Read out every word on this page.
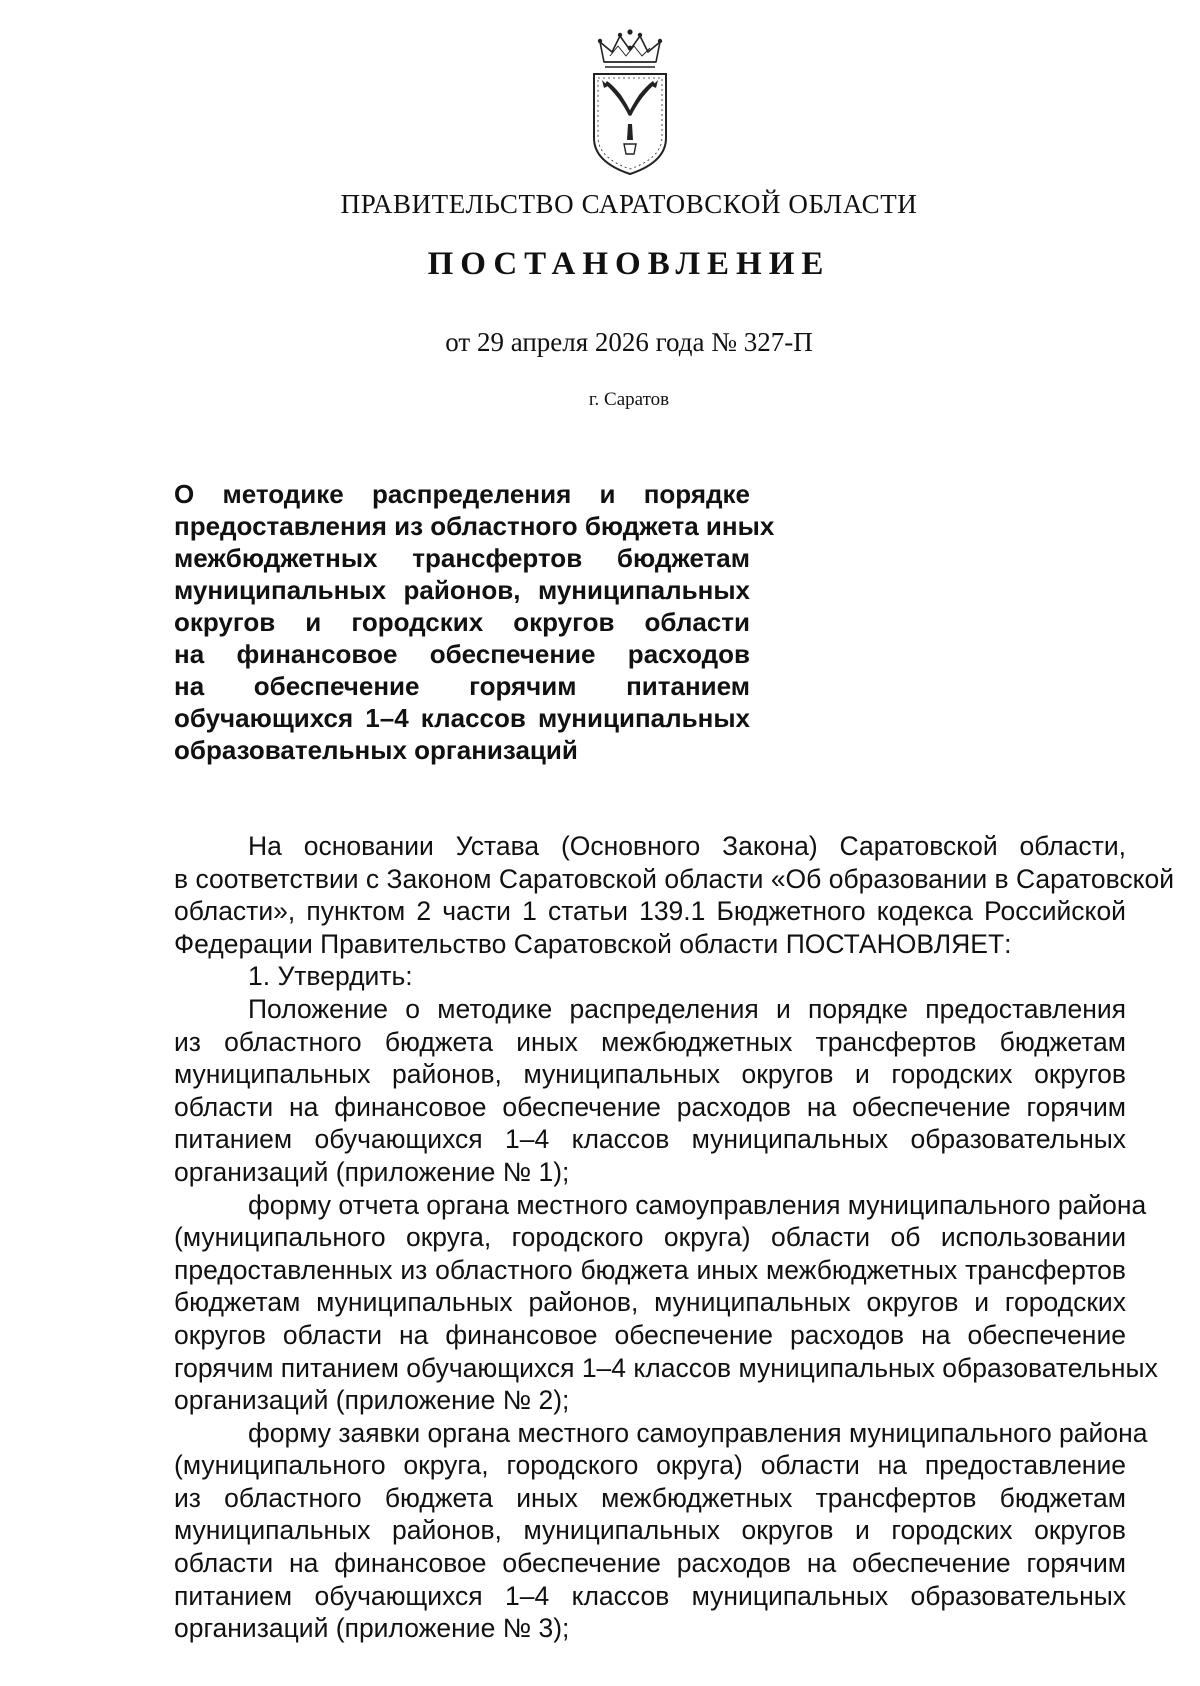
ПРАВИТЕЛЬСТВО САРАТОВСКОЙ ОБЛАСТИ
ПОСТАНОВЛЕНИЕ
от 29 апреля 2026 года № 327-П
г. Саратов
О методике распределения и порядке
предоставления из областного бюджета иных
межбюджетных трансфертов бюджетам
муниципальных районов, муниципальных
округов и городских округов области
на финансовое обеспечение расходов
на обеспечение горячим питанием
обучающихся 1–4 классов муниципальных
образовательных организаций
На основании Устава (Основного Закона) Саратовской области,
в соответствии с Законом Саратовской области «Об образовании в Саратовской
области», пунктом 2 части 1 статьи 139.1 Бюджетного кодекса Российской
Федерации Правительство Саратовской области ПОСТАНОВЛЯЕТ:
1. Утвердить:
Положение о методике распределения и порядке предоставления
из областного бюджета иных межбюджетных трансфертов бюджетам
муниципальных районов, муниципальных округов и городских округов
области на финансовое обеспечение расходов на обеспечение горячим
питанием обучающихся 1–4 классов муниципальных образовательных
организаций (приложение № 1);
форму отчета органа местного самоуправления муниципального района
(муниципального округа, городского округа) области об использовании
предоставленных из областного бюджета иных межбюджетных трансфертов
бюджетам муниципальных районов, муниципальных округов и городских
округов области на финансовое обеспечение расходов на обеспечение
горячим питанием обучающихся 1–4 классов муниципальных образовательных
организаций (приложение № 2);
форму заявки органа местного самоуправления муниципального района
(муниципального округа, городского округа) области на предоставление
из областного бюджета иных межбюджетных трансфертов бюджетам
муниципальных районов, муниципальных округов и городских округов
области на финансовое обеспечение расходов на обеспечение горячим
питанием обучающихся 1–4 классов муниципальных образовательных
организаций (приложение № 3);
